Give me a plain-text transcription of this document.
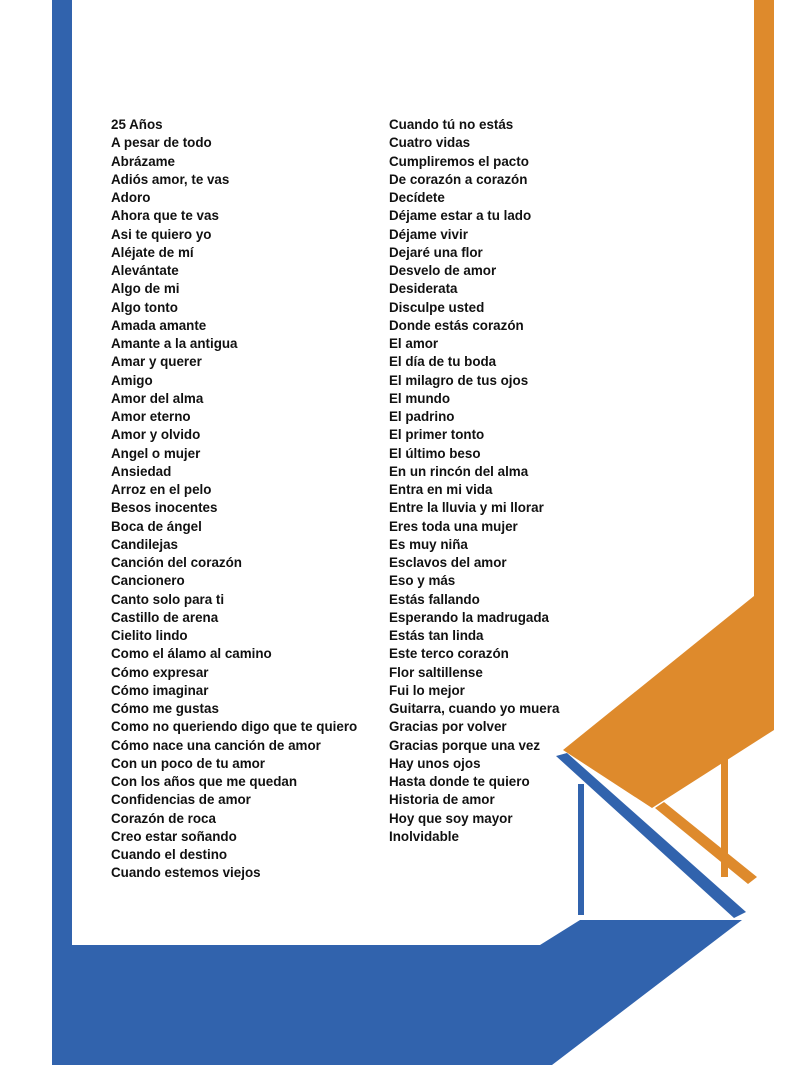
25 Años
A pesar de todo
Abrázame
Adiós amor, te vas
Adoro
Ahora que te vas
Asi te quiero yo
Aléjate de mí
Alevántate
Algo de mi
Algo tonto
Amada amante
Amante a la antigua
Amar y querer
Amigo
Amor del alma
Amor eterno
Amor y olvido
Angel o mujer
Ansiedad
Arroz en el pelo
Besos inocentes
Boca de ángel
Candilejas
Canción del corazón
Cancionero
Canto solo para ti
Castillo de arena
Cielito lindo
Como el álamo al camino
Cómo expresar
Cómo imaginar
Cómo me gustas
Como no queriendo digo que te quiero
Cómo nace una canción de amor
Con un poco de tu amor
Con los años que me quedan
Confidencias de amor
Corazón de roca
Creo estar soñando
Cuando el destino
Cuando estemos viejos
Cuando tú no estás
Cuatro vidas
Cumpliremos el pacto
De corazón a corazón
Decídete
Déjame estar a tu lado
Déjame vivir
Dejaré una flor
Desvelo de amor
Desiderata
Disculpe usted
Donde estás corazón
El amor
El día de tu boda
El milagro de tus ojos
El mundo
El padrino
El primer tonto
El último beso
En un rincón del alma
Entra en mi vida
Entre la lluvia y mi llorar
Eres toda una mujer
Es muy niña
Esclavos del amor
Eso y más
Estás fallando
Esperando la madrugada
Estás tan linda
Este terco corazón
Flor saltillense
Fui lo mejor
Guitarra, cuando yo muera
Gracias por volver
Gracias porque una vez
Hay unos ojos
Hasta donde te quiero
Historia de amor
Hoy que soy mayor
Inolvidable
